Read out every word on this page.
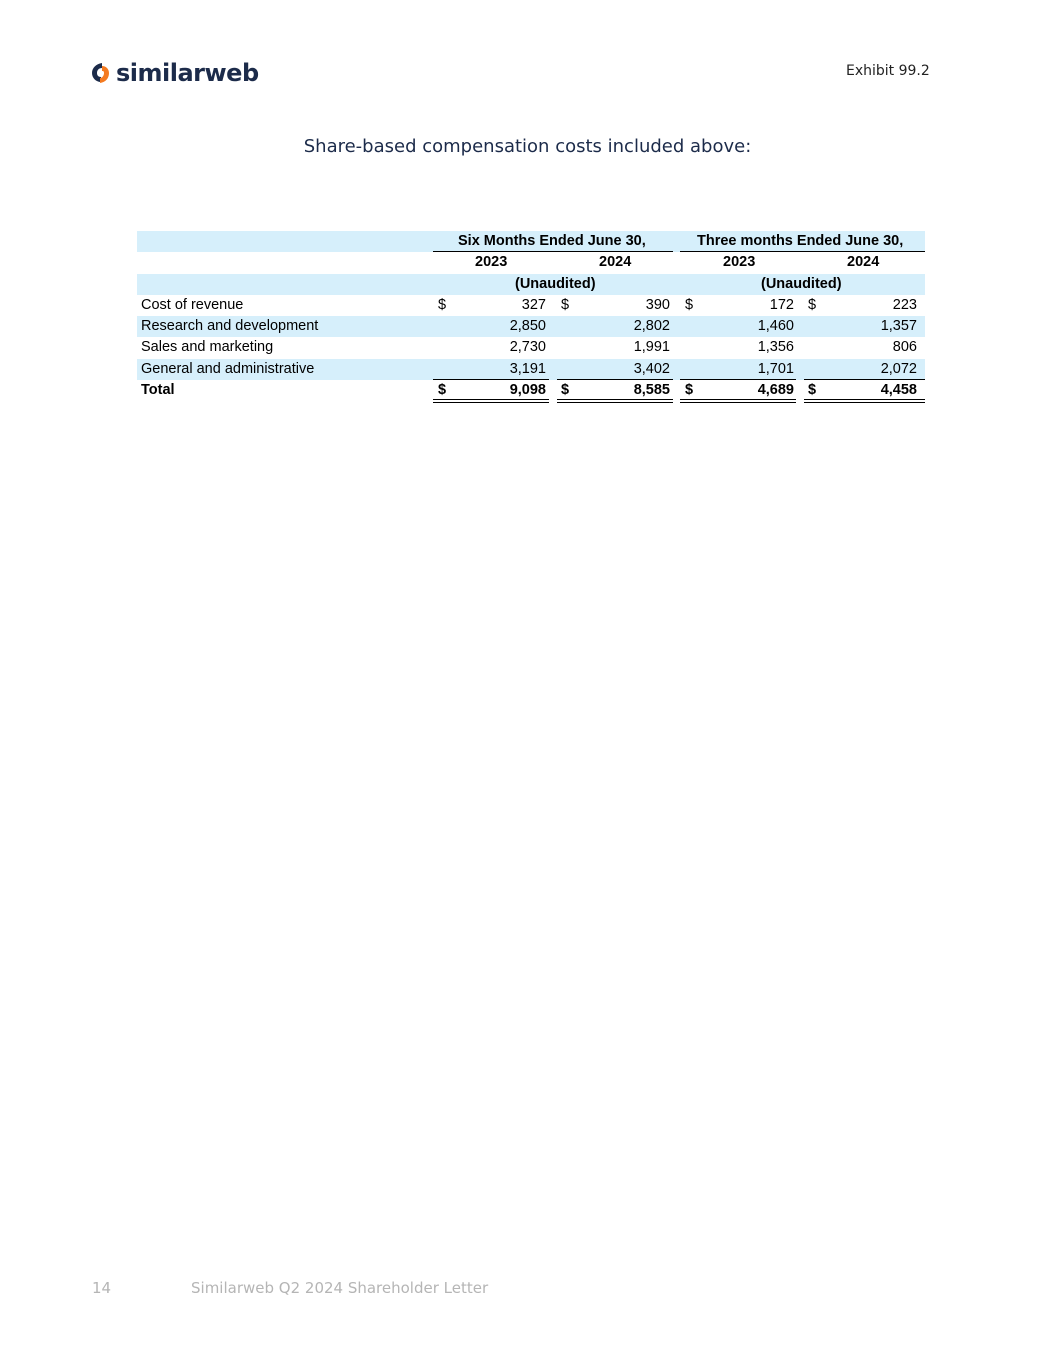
similarweb	Exhibit 99.2
Share-based compensation costs included above:
Six Months Ended June 30,	Three months Ended June 30,
2023	2024	2023	2024
(Unaudited)	(Unaudited)
Cost of revenue	$	327 $	390 $	172 $	223
Research and development	2,850	2,802	1,460	1,357
Sales and marketing	2,730	1,991	1,356	806
General and administrative	3,191	3,402	1,701	2,072
Total	$	9,098 $	8,585 $	4,689 $	4,458
14	Similarweb Q2 2024 Shareholder Letter
